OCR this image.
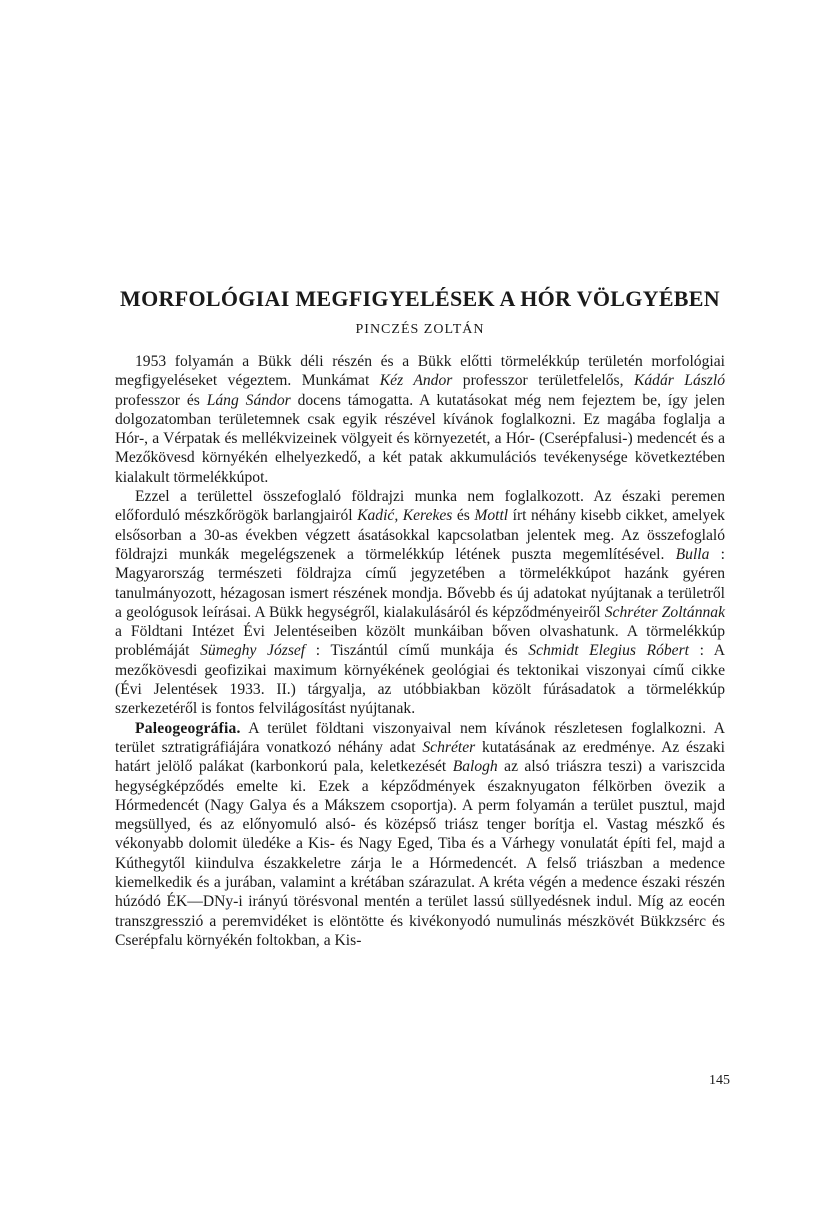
MORFOLÓGIAI MEGFIGYELÉSEK A HÓR VÖLGYÉBEN
PINCZÉS ZOLTÁN

1953 folyamán a Bükk déli részén és a Bükk előtti törmelékkúp területén morfológiai megfigyeléseket végeztem. Munkámat Kéz Andor professzor területfelelős, Kádár László professzor és Láng Sándor docens támogatta. A kutatásokat még nem fejeztem be, így jelen dolgozatomban területemnek csak egyik részével kívánok foglalkozni. Ez magába foglalja a Hór-, a Vérpatak és mellékvizeinek völgyeit és környezetét, a Hór- (Cserépfalusi-) medencét és a Mezőkövesd környékén elhelyezkedő, a két patak akkumulációs tevékenysége következtében kialakult törmelékkúpot.

Ezzel a területtel összefoglaló földrajzi munka nem foglalkozott. Az északi peremen előforduló mészkőrögök barlangjairól Kadić, Kerekes és Mottl írt néhány kisebb cikket, amelyek elsősorban a 30-as években végzett ásatásokkal kapcsolatban jelentek meg. Az összefoglaló földrajzi munkák megelégszenek a törmelékkúp létének puszta megemlítésével. Bulla : Magyarország természeti földrajza című jegyzetében a törmelékkúpot hazánk gyéren tanulmányozott, hézagosan ismert részének mondja. Bővebb és új adatokat nyújtanak a területről a geológusok leírásai. A Bükk hegységről, kialakulásáról és képződményeiről Schréter Zoltánnak a Földtani Intézet Évi Jelentéseiben közölt munkáiban bőven olvashatunk. A törmelékkúp problémáját Sümeghy József : Tiszántúl című munkája és Schmidt Elegius Róbert : A mezőkövesdi geofizikai maximum környékének geológiai és tektonikai viszonyai című cikke (Évi Jelentések 1933. II.) tárgyalja, az utóbbiakban közölt fúrásadatok a törmelékkúp szerkezetéről is fontos felvilágosítást nyújtanak.

Paleogeográfia. A terület földtani viszonyaival nem kívánok részletesen foglalkozni. A terület sztratigráfiájára vonatkozó néhány adat Schréter kutatásának az eredménye. Az északi határt jelölő palákat (karbonkorú pala, keletkezését Balogh az alsó triászra teszi) a variszcida hegységképződés emelte ki. Ezek a képződmények északnyugaton félkörben övezik a Hórmedencét (Nagy Galya és a Mákszem csoportja). A perm folyamán a terület pusztul, majd megsüllyed, és az előnyomuló alsó- és középső triász tenger borítja el. Vastag mészkő és vékonyabb dolomit üledéke a Kis- és Nagy Eged, Tiba és a Várhegy vonulatát építi fel, majd a Kúthegytől kiindulva északkeletre zárja le a Hórmedencét. A felső triászban a medence kiemelkedik és a jurában, valamint a krétában szárazulat. A kréta végén a medence északi részén húzódó ÉK—DNy-i irányú törésvonal mentén a terület lassú süllyedésnek indul. Míg az eocén transzgresszió a peremvidéket is elöntötte és kivékonyodó numulinás mészkövét Bükkzsérc és Cserépfalu környékén foltokban, a Kis-

145
